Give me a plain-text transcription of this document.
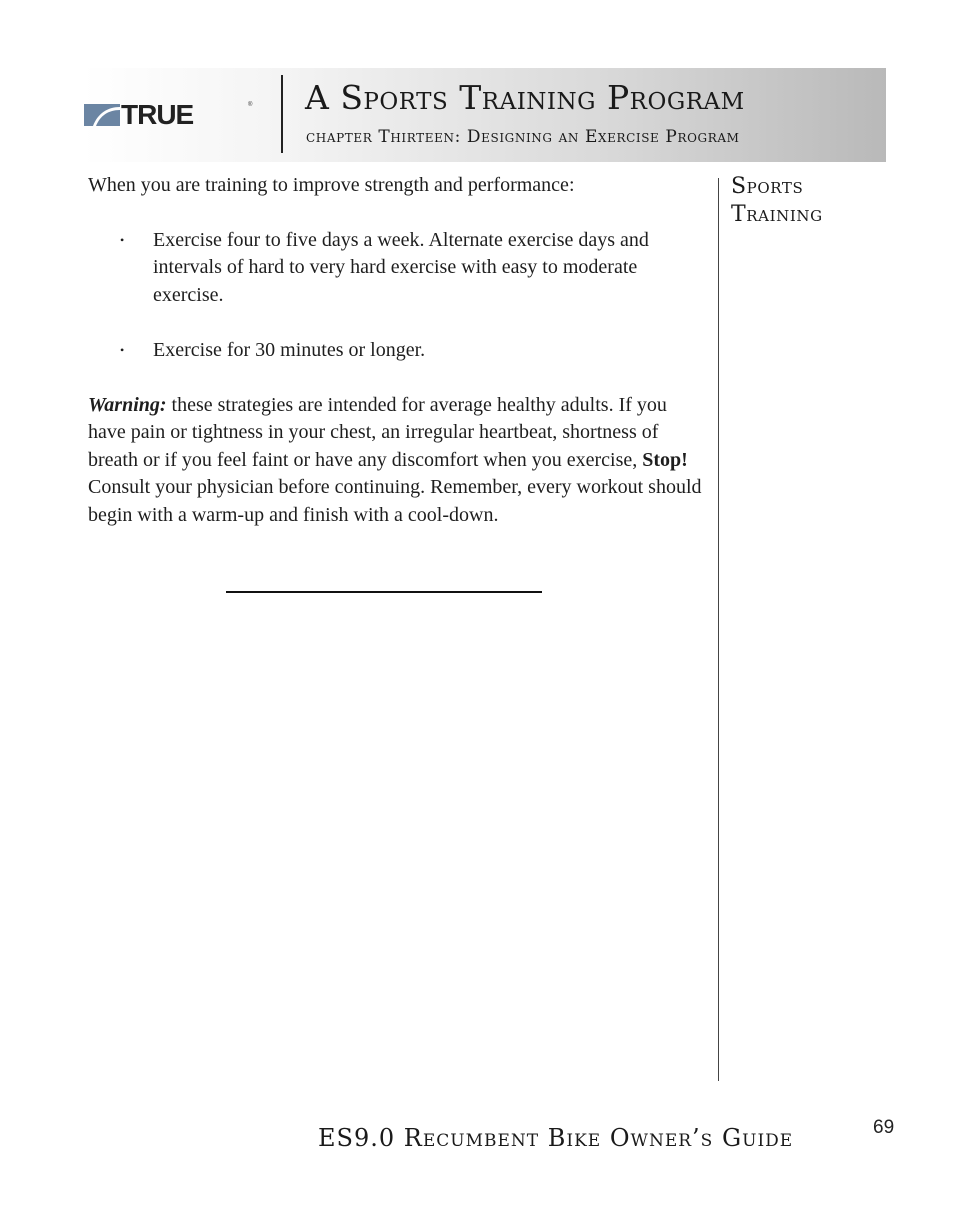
TRUE	® A Sports Training Program
chapter Thirteen: Designing an Exercise Program

When you are training to improve strength and performance:

• Exercise four to five days a week. Alternate exercise days and intervals of hard to very hard exercise with easy to moderate exercise.
• Exercise for 30 minutes or longer.

Warning: these strategies are intended for average healthy adults. If you have pain or tightness in your chest, an irregular heartbeat, shortness of breath or if you feel faint or have any discomfort when you exercise, Stop! Consult your physician before continuing. Remember, every workout should begin with a warm-up and finish with a cool-down.

Sports
Training
ES9.0 Recumbent Bike Owner’s Guide	69
